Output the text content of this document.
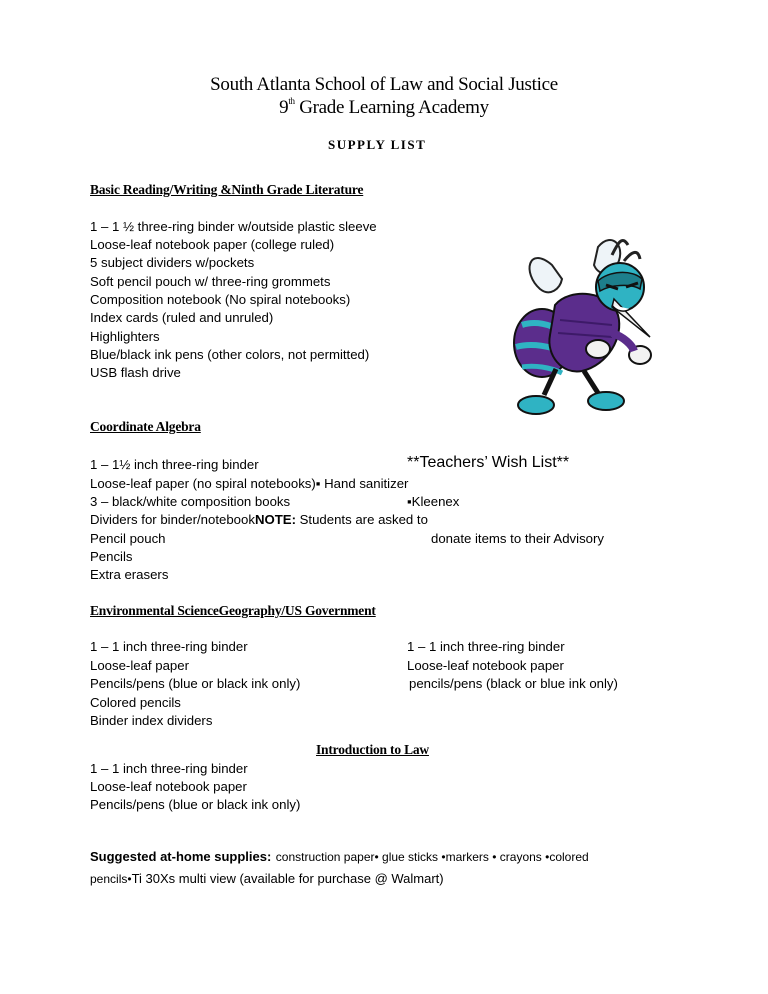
South Atlanta School of Law and Social Justice
9th Grade Learning Academy
SUPPLY LIST
Basic Reading/Writing &Ninth Grade Literature
1 – 1 ½ three-ring binder w/outside plastic sleeve
Loose-leaf notebook paper (college ruled)
5 subject dividers w/pockets
Soft pencil pouch w/ three-ring grommets
Composition notebook (No spiral notebooks)
Index cards (ruled and unruled)
Highlighters
Blue/black ink pens (other colors, not permitted)
USB flash drive
Coordinate Algebra
1 – 1½ inch three-ring binder
Loose-leaf paper (no spiral notebooks)▪ Hand sanitizer
3 – black/white composition books
Dividers for binder/notebookNOTE: Students are asked to
Pencil pouch
Pencils
Extra erasers
**Teachers’ Wish List**
▪Kleenex
donate items to their Advisory
Environmental ScienceGeography/US Government
1 – 1 inch three-ring binder
Loose-leaf paper
Pencils/pens (blue or black ink only)
Colored pencils
Binder index dividers
1 – 1 inch three-ring binder
Loose-leaf notebook paper
pencils/pens (black or blue ink only)
Introduction to Law
1 – 1 inch three-ring binder
Loose-leaf notebook paper
Pencils/pens (blue or black ink only)
Suggested at-home supplies: construction paper• glue sticks •markers • crayons •colored
pencils•Ti 30Xs multi view (available for purchase @ Walmart)
